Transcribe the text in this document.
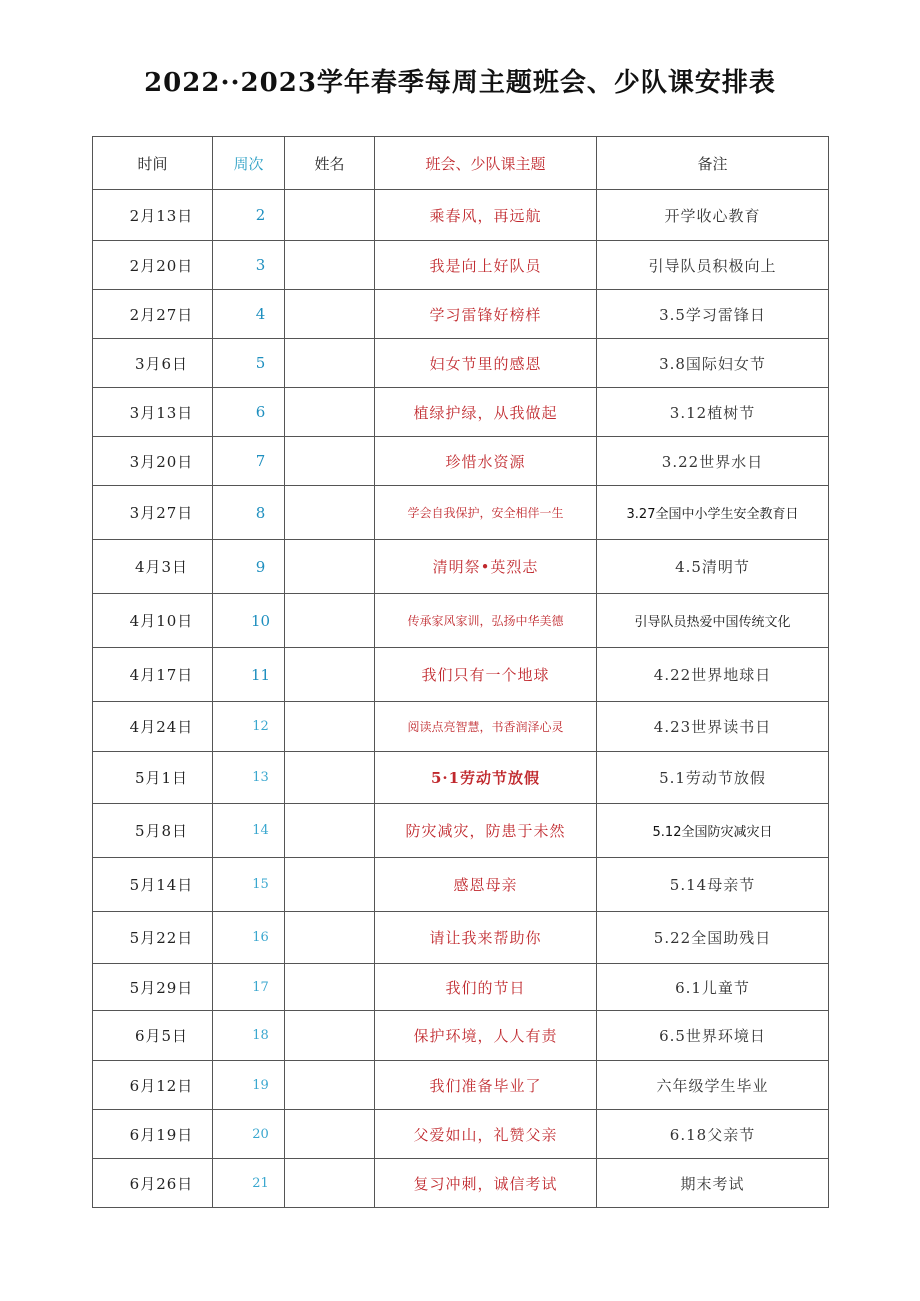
2022··2023学年春季每周主题班会、少队课安排表
时间	周次	姓名	班会、少队课主题	备注
2月13日	2		乘春风，再远航	开学收心教育
2月20日	3		我是向上好队员	引导队员积极向上
2月27日	4		学习雷锋好榜样	3.5学习雷锋日
3月6日	5		妇女节里的感恩	3.8国际妇女节
3月13日	6		植绿护绿，从我做起	3.12植树节
3月20日	7		珍惜水资源	3.22世界水日
3月27日	8		学会自我保护，安全相伴一生	3.27全国中小学生安全教育日
4月3日	9		清明祭•英烈志	4.5清明节
4月10日	10		传承家风家训，弘扬中华美德	引导队员热爱中国传统文化
4月17日	11		我们只有一个地球	4.22世界地球日
4月24日	12		阅读点亮智慧，书香润泽心灵	4.23世界读书日
5月1日	13		5·1劳动节放假	5.1劳动节放假
5月8日	14		防灾减灾，防患于未然	5.12全国防灾减灾日
5月14日	15		感恩母亲	5.14母亲节
5月22日	16		请让我来帮助你	5.22全国助残日
5月29日	17		我们的节日	6.1儿童节
6月5日	18		保护环境，人人有责	6.5世界环境日
6月12日	19		我们准备毕业了	六年级学生毕业
6月19日	20		父爱如山，礼赞父亲	6.18父亲节
6月26日	21		复习冲刺，诚信考试	期末考试
